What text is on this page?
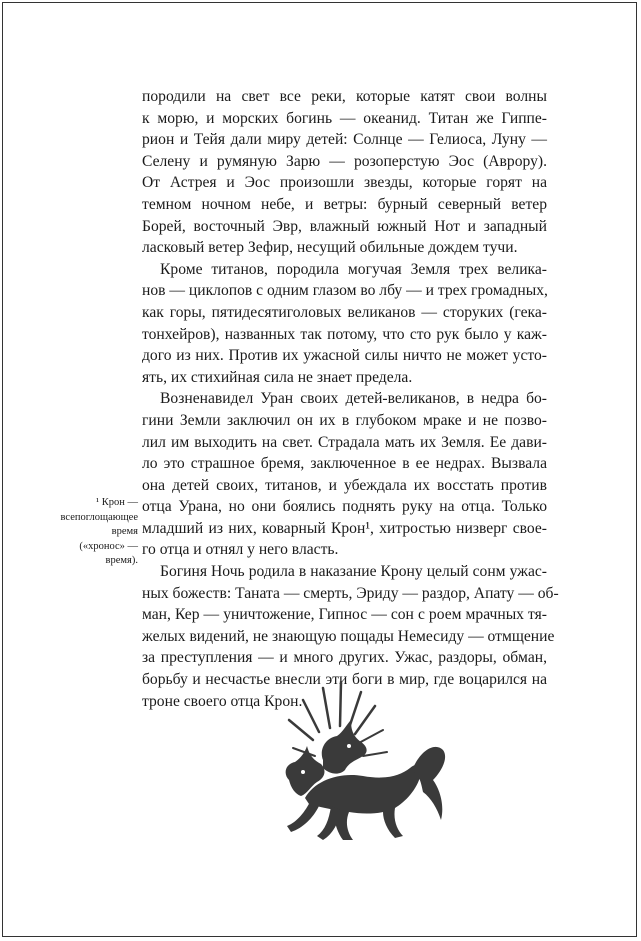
породили на свет все реки, которые катят свои волны
к морю, и морских богинь — океанид. Титан же Гиппе-
рион и Тейя дали миру детей: Солнце — Гелиоса, Луну —
Селену и румяную Зарю — розоперстую Эос (Аврору).
От Астрея и Эос произошли звезды, которые горят на
темном ночном небе, и ветры: бурный северный ветер
Борей, восточный Эвр, влажный южный Нот и западный
ласковый ветер Зефир, несущий обильные дождем тучи.
Кроме титанов, породила могучая Земля трех велика-
нов — циклопов с одним глазом во лбу — и трех громадных,
как горы, пятидесятиголовых великанов — сторуких (гека-
тонхейров), названных так потому, что сто рук было у каж-
дого из них. Против их ужасной силы ничто не может усто-
ять, их стихийная сила не знает предела.
Возненавидел Уран своих детей-великанов, в недра бо-
гини Земли заключил он их в глубоком мраке и не позво-
лил им выходить на свет. Страдала мать их Земля. Ее дави-
ло это страшное бремя, заключенное в ее недрах. Вызвала
она детей своих, титанов, и убеждала их восстать против
отца Урана, но они боялись поднять руку на отца. Только
младший из них, коварный Крон¹, хитростью низверг свое-
го отца и отнял у него власть.
Богиня Ночь родила в наказание Крону целый сонм ужас-
ных божеств: Таната — смерть, Эриду — раздор, Апату — об-
ман, Кер — уничтожение, Гипнос — сон с роем мрачных тя-
желых видений, не знающую пощады Немесиду — отмщение
за преступления — и много других. Ужас, раздоры, обман,
борьбу и несчастье внесли эти боги в мир, где воцарился на
троне своего отца Крон.
¹ Крон —
всепоглощающее
время
(«хронос» —
время).
